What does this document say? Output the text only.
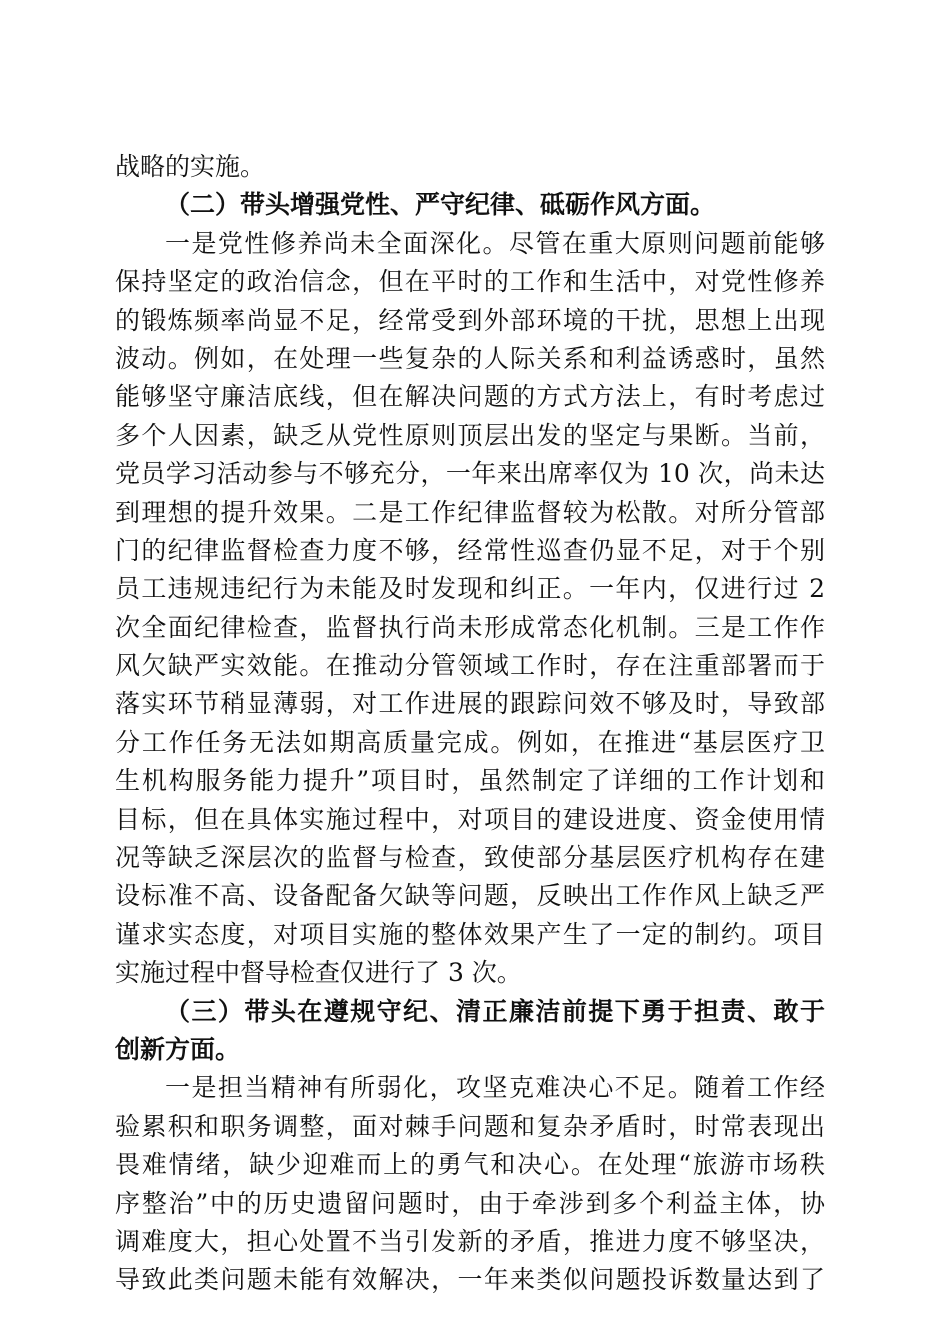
战略的实施。
（二）带头增强党性、严守纪律、砥砺作风方面。
一是党性修养尚未全面深化。尽管在重大原则问题前能够
保持坚定的政治信念，但在平时的工作和生活中，对党性修养
的锻炼频率尚显不足，经常受到外部环境的干扰，思想上出现
波动。例如，在处理一些复杂的人际关系和利益诱惑时，虽然
能够坚守廉洁底线，但在解决问题的方式方法上，有时考虑过
多个人因素，缺乏从党性原则顶层出发的坚定与果断。当前，
党员学习活动参与不够充分，一年来出席率仅为 10 次，尚未达
到理想的提升效果。二是工作纪律监督较为松散。对所分管部
门的纪律监督检查力度不够，经常性巡查仍显不足，对于个别
员工违规违纪行为未能及时发现和纠正。一年内，仅进行过 2
次全面纪律检查，监督执行尚未形成常态化机制。三是工作作
风欠缺严实效能。在推动分管领域工作时，存在注重部署而于
落实环节稍显薄弱，对工作进展的跟踪问效不够及时，导致部
分工作任务无法如期高质量完成。例如，在推进“基层医疗卫
生机构服务能力提升”项目时，虽然制定了详细的工作计划和
目标，但在具体实施过程中，对项目的建设进度、资金使用情
况等缺乏深层次的监督与检查，致使部分基层医疗机构存在建
设标准不高、设备配备欠缺等问题，反映出工作作风上缺乏严
谨求实态度，对项目实施的整体效果产生了一定的制约。项目
实施过程中督导检查仅进行了 3 次。
（三）带头在遵规守纪、清正廉洁前提下勇于担责、敢于
创新方面。
一是担当精神有所弱化，攻坚克难决心不足。随着工作经
验累积和职务调整，面对棘手问题和复杂矛盾时，时常表现出
畏难情绪，缺少迎难而上的勇气和决心。在处理“旅游市场秩
序整治”中的历史遗留问题时，由于牵涉到多个利益主体，协
调难度大，担心处置不当引发新的矛盾，推进力度不够坚决，
导致此类问题未能有效解决，一年来类似问题投诉数量达到了
